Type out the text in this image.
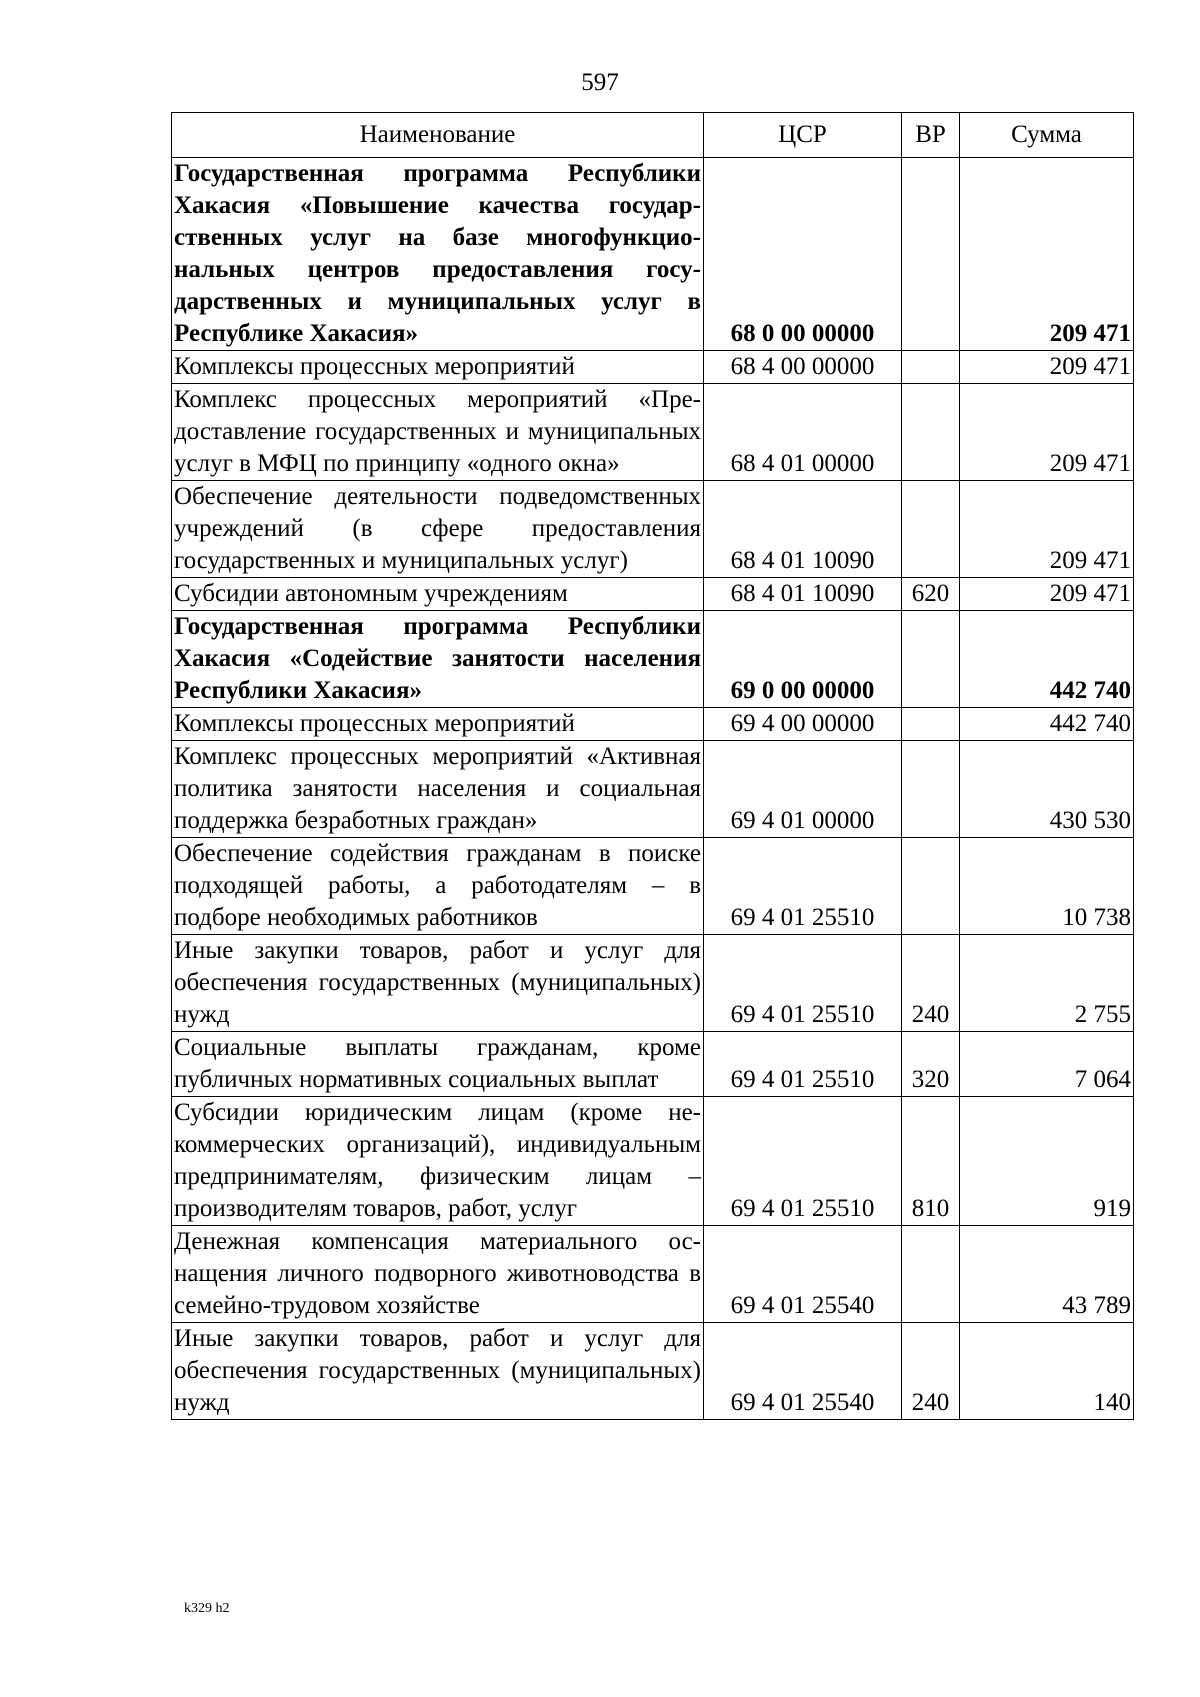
597
Наименование	ЦСР	ВР	Сумма
Государственная программа Республики Хакасия «Повышение качества государственных услуг на базе многофункциональных центров предоставления государственных и муниципальных услуг в Республике Хакасия»	68 0 00 00000		209 471
Комплексы процессных мероприятий	68 4 00 00000		209 471
Комплекс процессных мероприятий «Предоставление государственных и муниципальных услуг в МФЦ по принципу «одного окна»	68 4 01 00000		209 471
Обеспечение деятельности подведомственных учреждений (в сфере предоставления государственных и муниципальных услуг)	68 4 01 10090		209 471
Субсидии автономным учреждениям	68 4 01 10090	620	209 471
Государственная программа Республики Хакасия «Содействие занятости населения Республики Хакасия»	69 0 00 00000		442 740
Комплексы процессных мероприятий	69 4 00 00000		442 740
Комплекс процессных мероприятий «Активная политика занятости населения и социальная поддержка безработных граждан»	69 4 01 00000		430 530
Обеспечение содействия гражданам в поиске подходящей работы, а работодателям – в подборе необходимых работников	69 4 01 25510		10 738
Иные закупки товаров, работ и услуг для обеспечения государственных (муниципальных) нужд	69 4 01 25510	240	2 755
Социальные выплаты гражданам, кроме публичных нормативных социальных выплат	69 4 01 25510	320	7 064
Субсидии юридическим лицам (кроме некоммерческих организаций), индивидуальным предпринимателям, физическим лицам – производителям товаров, работ, услуг	69 4 01 25510	810	919
Денежная компенсация материального оснащения личного подворного животноводства в семейно-трудовом хозяйстве	69 4 01 25540		43 789
Иные закупки товаров, работ и услуг для обеспечения государственных (муниципальных) нужд	69 4 01 25540	240	140
k329 h2
